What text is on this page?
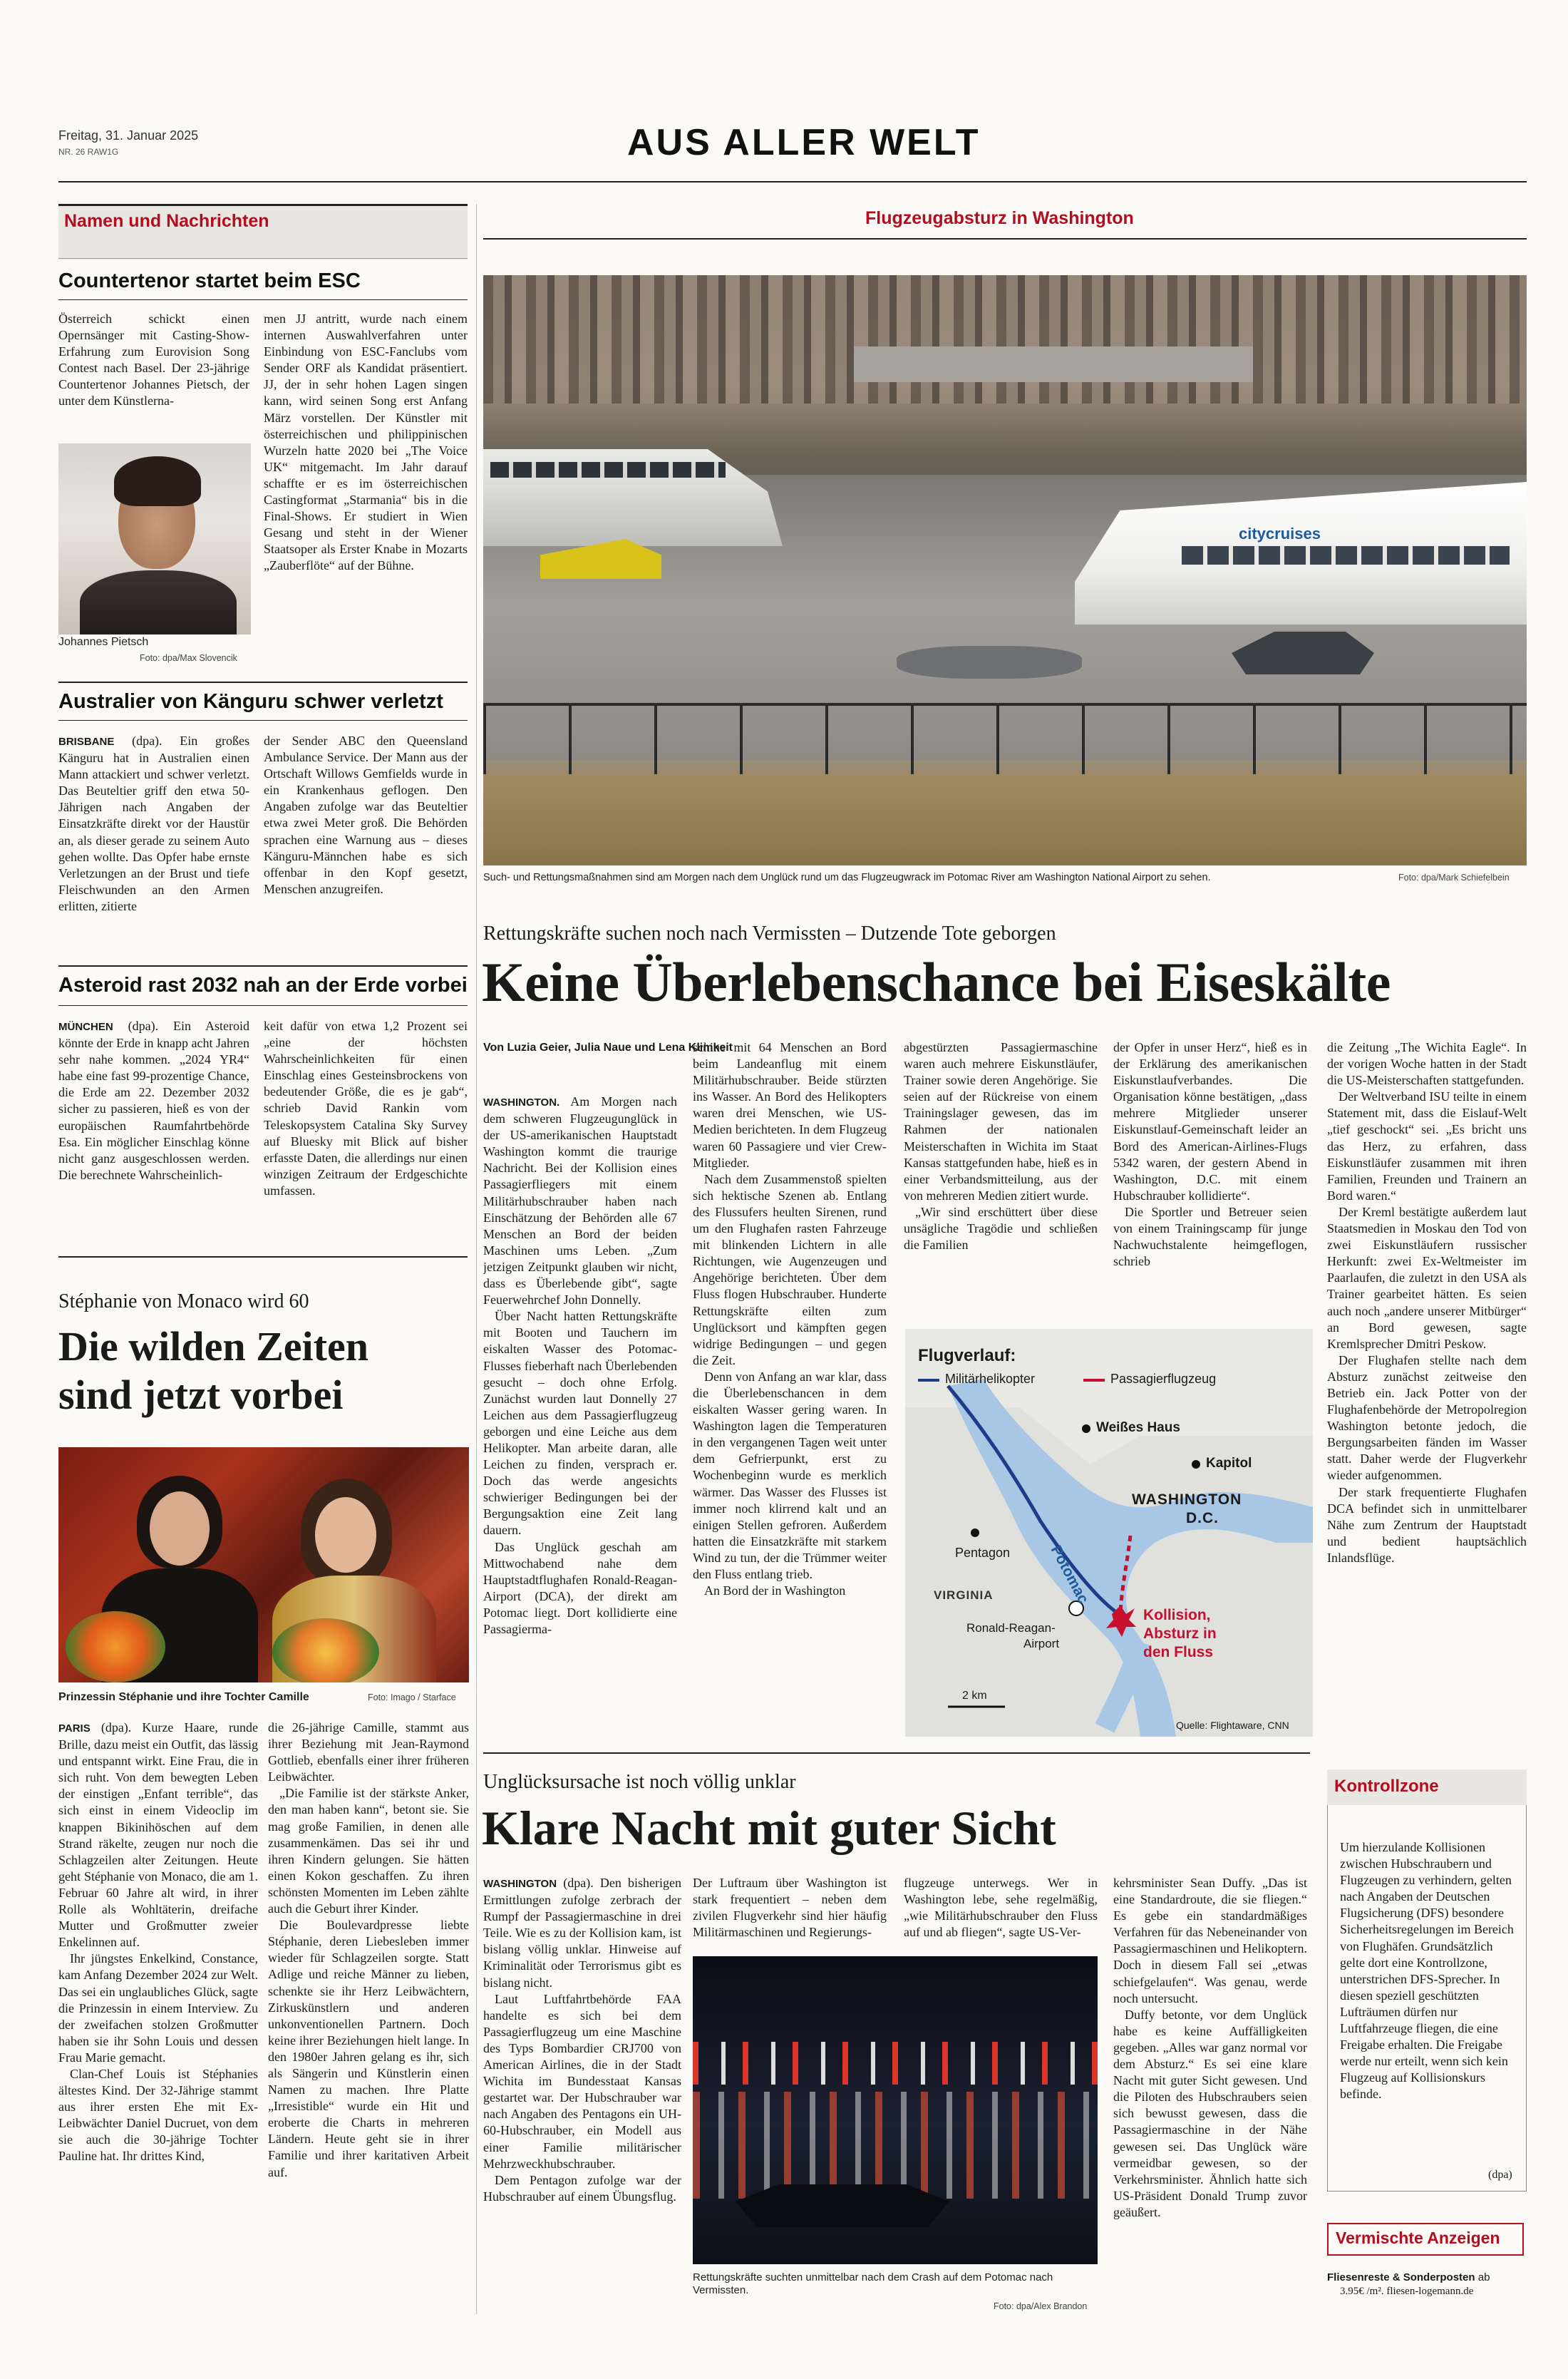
Freitag, 31. Januar 2025
NR. 26 RAW1G	AUS ALLER WELT
Namen und Nachrichten
Countertenor startet beim ESC

Österreich schickt einen Opernsänger mit Casting-Show-Erfahrung zum Eurovision Song Contest nach Basel. Der 23-jährige Countertenor Johannes Pietsch, der unter dem Künstlerna-

Johannes Pietsch
Foto: dpa/Max Slovencik

men JJ antritt, wurde nach einem internen Auswahlverfahren unter Einbindung von ESC-Fanclubs vom Sender ORF als Kandidat präsentiert. JJ, der in sehr hohen Lagen singen kann, wird seinen Song erst Anfang März vorstellen. Der Künstler mit österreichischen und philippinischen Wurzeln hatte 2020 bei „The Voice UK“ mitgemacht. Im Jahr darauf schaffte er es im österreichischen Castingformat „Starmania“ bis in die Final-Shows. Er studiert in Wien Gesang und steht in der Wiener Staatsoper als Erster Knabe in Mozarts „Zauberflöte“ auf der Bühne.

Australier von Känguru schwer verletzt

BRISBANE (dpa). Ein großes Känguru hat in Australien einen Mann attackiert und schwer verletzt. Das Beuteltier griff den etwa 50-Jährigen nach Angaben der Einsatzkräfte direkt vor der Haustür an, als dieser gerade zu seinem Auto gehen wollte. Das Opfer habe ernste Verletzungen an der Brust und tiefe Fleischwunden an den Armen erlitten, zitierte

der Sender ABC den Queensland Ambulance Service. Der Mann aus der Ortschaft Willows Gemfields wurde in ein Krankenhaus geflogen. Den Angaben zufolge war das Beuteltier etwa zwei Meter groß. Die Behörden sprachen eine Warnung aus – dieses Känguru-Männchen habe es sich offenbar in den Kopf gesetzt, Menschen anzugreifen.

Asteroid rast 2032 nah an der Erde vorbei

MÜNCHEN (dpa). Ein Asteroid könnte der Erde in knapp acht Jahren sehr nahe kommen. „2024 YR4“ habe eine fast 99-prozentige Chance, die Erde am 22. Dezember 2032 sicher zu passieren, hieß es von der europäischen Raumfahrtbehörde Esa. Ein möglicher Einschlag könne nicht ganz ausgeschlossen werden. Die berechnete Wahrscheinlich-

keit dafür von etwa 1,2 Prozent sei „eine der höchsten Wahrscheinlichkeiten für einen Einschlag eines Gesteinsbrockens von bedeutender Größe, die es je gab“, schrieb David Rankin vom Teleskopsystem Catalina Sky Survey auf Bluesky mit Blick auf bisher erfasste Daten, die allerdings nur einen winzigen Zeitraum der Erdgeschichte umfassen.

Stéphanie von Monaco wird 60
Die wilden Zeiten
sind jetzt vorbei
Prinzessin Stéphanie und ihre Tochter Camille	Foto: Imago / Starface

PARIS (dpa). Kurze Haare, runde Brille, dazu meist ein Outfit, das lässig und entspannt wirkt. Eine Frau, die in sich ruht. Von dem bewegten Leben der einstigen „Enfant terrible“, das sich einst in einem Videoclip im knappen Bikinihöschen auf dem Strand räkelte, zeugen nur noch die Schlagzeilen alter Zeitungen. Heute geht Stéphanie von Monaco, die am 1. Februar 60 Jahre alt wird, in ihrer Rolle als Wohltäterin, dreifache Mutter und Großmutter zweier Enkelinnen auf.

Ihr jüngstes Enkelkind, Constance, kam Anfang Dezember 2024 zur Welt. Das sei ein unglaubliches Glück, sagte die Prinzessin in einem Interview. Zu der zweifachen stolzen Großmutter haben sie ihr Sohn Louis und dessen Frau Marie gemacht.

Clan-Chef Louis ist Stéphanies ältestes Kind. Der 32-Jährige stammt aus ihrer ersten Ehe mit Ex-Leibwächter Daniel Ducruet, von dem sie auch die 30-jährige Tochter Pauline hat. Ihr drittes Kind,

die 26-jährige Camille, stammt aus ihrer Beziehung mit Jean-Raymond Gottlieb, ebenfalls einer ihrer früheren Leibwächter.

„Die Familie ist der stärkste Anker, den man haben kann“, betont sie. Sie mag große Familien, in denen alle zusammenkämen. Das sei ihr und ihren Kindern gelungen. Sie hätten einen Kokon geschaffen. Zu ihren schönsten Momenten im Leben zählte auch die Geburt ihrer Kinder.

Die Boulevardpresse liebte Stéphanie, deren Liebesleben immer wieder für Schlagzeilen sorgte. Statt Adlige und reiche Männer zu lieben, schenkte sie ihr Herz Leibwächtern, Zirkuskünstlern und anderen unkonventionellen Partnern. Doch keine ihrer Beziehungen hielt lange. In den 1980er Jahren gelang es ihr, sich als Sängerin und Künstlerin einen Namen zu machen. Ihre Platte „Irresistible“ wurde ein Hit und eroberte die Charts in mehreren Ländern. Heute geht sie in ihrer Familie und ihrer karitativen Arbeit auf.

Flugzeugabsturz in Washington
citycruises
Such- und Rettungsmaßnahmen sind am Morgen nach dem Unglück rund um das Flugzeugwrack im Potomac River am Washington National Airport zu sehen.	Foto: dpa/Mark Schiefelbein
Rettungskräfte suchen noch nach Vermissten – Dutzende Tote geborgen
Keine Überlebenschance bei Eiseskälte

Von Luzia Geier, Julia Naue und Lena Klimkeit

WASHINGTON. Am Morgen nach dem schweren Flugzeugunglück in der US-amerikanischen Hauptstadt Washington kommt die traurige Nachricht. Bei der Kollision eines Passagierfliegers mit einem Militärhubschrauber haben nach Einschätzung der Behörden alle 67 Menschen an Bord der beiden Maschinen ums Leben. „Zum jetzigen Zeitpunkt glauben wir nicht, dass es Überlebende gibt“, sagte Feuerwehrchef John Donnelly.

Über Nacht hatten Rettungskräfte mit Booten und Tauchern im eiskalten Wasser des Potomac-Flusses fieberhaft nach Überlebenden gesucht – doch ohne Erfolg. Zunächst wurden laut Donnelly 27 Leichen aus dem Passagierflugzeug geborgen und eine Leiche aus dem Helikopter. Man arbeite daran, alle Leichen zu finden, versprach er. Doch das werde angesichts schwieriger Bedingungen bei der Bergungsaktion eine Zeit lang dauern.

Das Unglück geschah am Mittwochabend nahe dem Hauptstadtflughafen Ronald-Reagan-Airport (DCA), der direkt am Potomac liegt. Dort kollidierte eine Passagierma-

schine mit 64 Menschen an Bord beim Landeanflug mit einem Militärhubschrauber. Beide stürzten ins Wasser. An Bord des Helikopters waren drei Menschen, wie US-Medien berichteten. In dem Flugzeug waren 60 Passagiere und vier Crew-Mitglieder.

Nach dem Zusammenstoß spielten sich hektische Szenen ab. Entlang des Flussufers heulten Sirenen, rund um den Flughafen rasten Fahrzeuge mit blinkenden Lichtern in alle Richtungen, wie Augenzeugen und Angehörige berichteten. Über dem Fluss flogen Hubschrauber. Hunderte Rettungskräfte eilten zum Unglücksort und kämpften gegen widrige Bedingungen – und gegen die Zeit.

Denn von Anfang an war klar, dass die Überlebenschancen in dem eiskalten Wasser gering waren. In Washington lagen die Temperaturen in den vergangenen Tagen weit unter dem Gefrierpunkt, erst zu Wochenbeginn wurde es merklich wärmer. Das Wasser des Flusses ist immer noch klirrend kalt und an einigen Stellen gefroren. Außerdem hatten die Einsatzkräfte mit starkem Wind zu tun, der die Trümmer weiter den Fluss entlang trieb.

An Bord der in Washington

abgestürzten Passagiermaschine waren auch mehrere Eiskunstläufer, Trainer sowie deren Angehörige. Sie seien auf der Rückreise von einem Trainingslager gewesen, das im Rahmen der nationalen Meisterschaften in Wichita im Staat Kansas stattgefunden habe, hieß es in einer Verbandsmitteilung, aus der von mehreren Medien zitiert wurde.

„Wir sind erschüttert über diese unsägliche Tragödie und schließen die Familien

der Opfer in unser Herz“, hieß es in der Erklärung des amerikanischen Eiskunstlaufverbandes. Die Organisation könne bestätigen, „dass mehrere Mitglieder unserer Eiskunstlauf-Gemeinschaft leider an Bord des American-Airlines-Flugs 5342 waren, der gestern Abend in Washington, D.C. mit einem Hubschrauber kollidierte“.

Die Sportler und Betreuer seien von einem Trainingscamp für junge Nachwuchstalente heimgeflogen, schrieb

die Zeitung „The Wichita Eagle“. In der vorigen Woche hatten in der Stadt die US-Meisterschaften stattgefunden.

Der Weltverband ISU teilte in einem Statement mit, dass die Eislauf-Welt „tief geschockt“ sei. „Es bricht uns das Herz, zu erfahren, dass Eiskunstläufer zusammen mit ihren Familien, Freunden und Trainern an Bord waren.“

Der Kreml bestätigte außerdem laut Staatsmedien in Moskau den Tod von zwei Eiskunstläufern russischer Herkunft: zwei Ex-Weltmeister im Paarlaufen, die zuletzt in den USA als Trainer gearbeitet hätten. Es seien auch noch „andere unserer Mitbürger“ an Bord gewesen, sagte Kremlsprecher Dmitri Peskow.

Der Flughafen stellte nach dem Absturz zunächst zeitweise den Betrieb ein. Jack Potter von der Flughafenbehörde der Metropolregion Washington betonte jedoch, die Bergungsarbeiten fänden im Wasser statt. Daher werde der Flugverkehr wieder aufgenommen.

Der stark frequentierte Flughafen DCA befindet sich in unmittelbarer Nähe zum Zentrum der Hauptstadt und bedient hauptsächlich Inlandsflüge.

Flugverlauf:
Militärhelikopter	Passagierflugzeug
Weißes Haus
Kapitol
WASHINGTON
D.C.
Pentagon
VIRGINIA	Potomac
Ronald-Reagan-
Airport
Kollision,
Absturz in
den Fluss
2 km
Quelle: Flightaware, CNN
Unglücksursache ist noch völlig unklar
Klare Nacht mit guter Sicht

WASHINGTON (dpa). Den bisherigen Ermittlungen zufolge zerbrach der Rumpf der Passagiermaschine in drei Teile. Wie es zu der Kollision kam, ist bislang völlig unklar. Hinweise auf Kriminalität oder Terrorismus gibt es bislang nicht.

Laut Luftfahrtbehörde FAA handelte es sich bei dem Passagierflugzeug um eine Maschine des Typs Bombardier CRJ700 von American Airlines, die in der Stadt Wichita im Bundesstaat Kansas gestartet war. Der Hubschrauber war nach Angaben des Pentagons ein UH-60-Hubschrauber, ein Modell aus einer Familie militärischer Mehrzweckhubschrauber.

Dem Pentagon zufolge war der Hubschrauber auf einem Übungsflug.

Der Luftraum über Washington ist stark frequentiert – neben dem zivilen Flugverkehr sind hier häufig Militärmaschinen und Regierungs-

flugzeuge unterwegs. Wer in Washington lebe, sehe regelmäßig, „wie Militärhubschrauber den Fluss auf und ab fliegen“, sagte US-Ver-

kehrsminister Sean Duffy. „Das ist eine Standardroute, die sie fliegen.“ Es gebe ein standardmäßiges Verfahren für das Nebeneinander von Passagiermaschinen und Helikoptern. Doch in diesem Fall sei „etwas schiefgelaufen“. Was genau, werde noch untersucht.

Duffy betonte, vor dem Unglück habe es keine Auffälligkeiten gegeben. „Alles war ganz normal vor dem Absturz.“ Es sei eine klare Nacht mit guter Sicht gewesen. Und die Piloten des Hubschraubers seien sich bewusst gewesen, dass die Passagiermaschine in der Nähe gewesen sei. Das Unglück wäre vermeidbar gewesen, so der Verkehrsminister. Ähnlich hatte sich US-Präsident Donald Trump zuvor geäußert.

Rettungskräfte suchten unmittelbar nach dem Crash auf dem Potomac nach Vermissten.
Foto: dpa/Alex Brandon
Kontrollzone

Um hierzulande Kollisionen zwischen Hubschraubern und Flugzeugen zu verhindern, gelten nach Angaben der Deutschen Flugsicherung (DFS) besondere Sicherheitsregelungen im Bereich von Flughäfen. Grundsätzlich gelte dort eine Kontrollzone, unterstrichen DFS-Sprecher. In diesen speziell geschützten Lufträumen dürfen nur Luftfahrzeuge fliegen, die eine Freigabe erhalten. Die Freigabe werde nur erteilt, wenn sich kein Flugzeug auf Kollisionskurs befinde.

(dpa)
Vermischte Anzeigen
Fliesenreste & Sonderposten ab
3.95€ /m². fliesen-logemann.de
